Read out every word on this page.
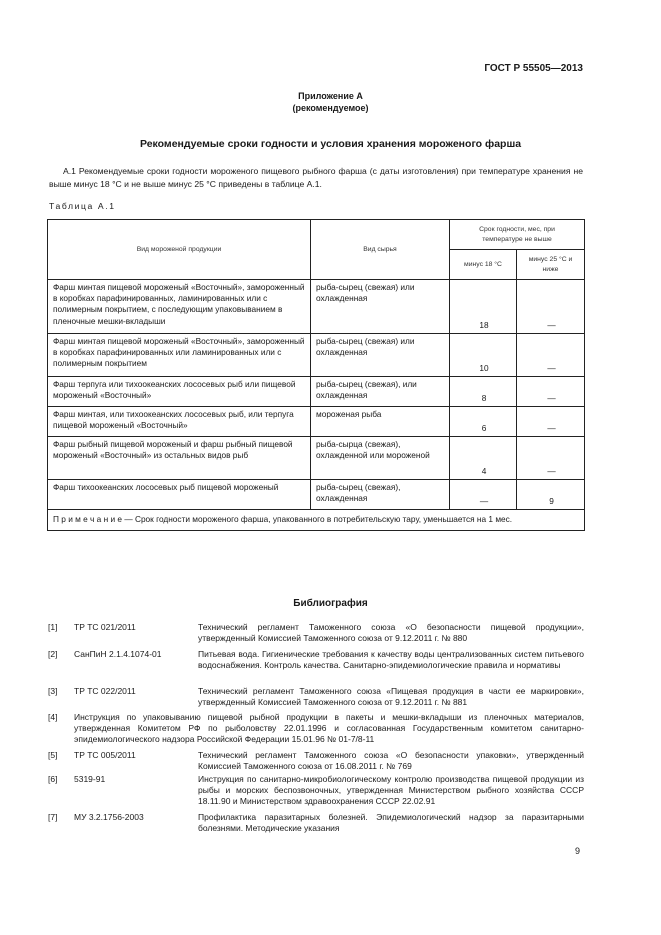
ГОСТ Р 55505—2013
Приложение А
(рекомендуемое)
Рекомендуемые сроки годности и условия хранения мороженого фарша
А.1 Рекомендуемые сроки годности мороженого пищевого рыбного фарша (с даты изготовления) при температуре хранения не выше минус 18 °С и не выше минус 25 °С приведены в таблице А.1.
Таблица А.1
Вид мороженой продукции	Вид сырья	Срок годности, мес, при температуре не выше	
		минус 18 °С	минус 25 °С и ниже
Фарш минтая пищевой мороженый «Восточный», замороженный в коробках парафинированных, ламинированных или с полимерным покрытием, с последующим упаковыванием в пленочные мешки-вкладыши	рыба-сырец (свежая) или охлажденная	18	—
Фарш минтая пищевой мороженый «Восточный», замороженный в коробках парафинированных или ламинированных или с полимерным покрытием	рыба-сырец (свежая) или охлажденная	10	—
Фарш терпуга или тихоокеанских лососевых рыб или пищевой мороженый «Восточный»	рыба-сырец (свежая), или охлажденная	8	—
Фарш минтая, или тихоокеанских лососевых рыб, или терпуга пищевой мороженый «Восточный»	мороженая рыба	6	—
Фарш рыбный пищевой мороженый и фарш рыбный пищевой мороженый «Восточный» из остальных видов рыб	рыба-сырца (свежая), охлажденной или мороженой	4	—
Фарш тихоокеанских лососевых рыб пищевой мороженый	рыба-сырец (свежая), охлажденная	—	9
П р и м е ч а н и е — Срок годности мороженого фарша, упакованного в потребительскую тару, уменьшается на 1 мес.			
Библиография
[1] ТР ТС 021/2011	Технический регламент Таможенного союза «О безопасности пищевой продукции», утвержденный Комиссией Таможенного союза от 9.12.2011 г. № 880
[2] СанПиН 2.1.4.1074-01	Питьевая вода. Гигиенические требования к качеству воды централизованных систем питьевого водоснабжения. Контроль качества. Санитарно-эпидемиологические правила и нормативы
[3] ТР ТС 022/2011	Технический регламент Таможенного союза «Пищевая продукция в части ее маркировки», утвержденный Комиссией Таможенного союза от 9.12.2011 г. № 881
[4] Инструкция по упаковыванию пищевой рыбной продукции в пакеты и мешки-вкладыши из пленочных материалов, утвержденная Комитетом РФ по рыболовству 22.01.1996 и согласованная Государственным комитетом санитарно-эпидемиологического надзора Российской Федерации 15.01.96 № 01-7/8-11
[5] ТР ТС 005/2011	Технический регламент Таможенного союза «О безопасности упаковки», утвержденный Комиссией Таможенного союза от 16.08.2011 г. № 769
[6] 5319-91	Инструкция по санитарно-микробиологическому контролю производства пищевой продукции из рыбы и морских беспозвоночных, утвержденная Министерством рыбного хозяйства СССР 18.11.90 и Министерством здравоохранения СССР 22.02.91
[7] МУ 3.2.1756-2003	Профилактика паразитарных болезней. Эпидемиологический надзор за паразитарными болезнями. Методические указания
9
